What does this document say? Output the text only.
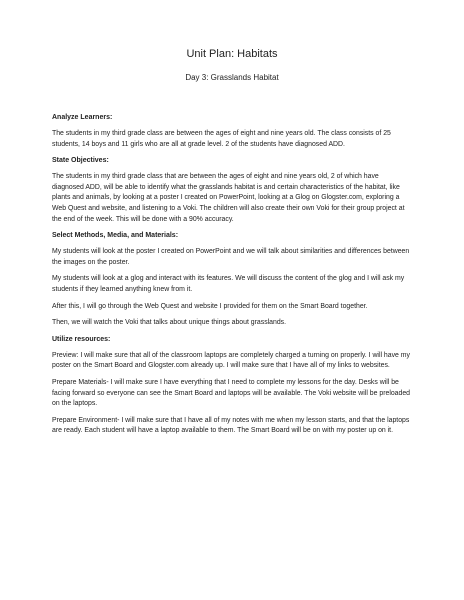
Unit Plan: Habitats
Day 3: Grasslands Habitat
Analyze Learners:

The students in my third grade class are between the ages of eight and nine years old. The class consists of 25 students, 14 boys and 11 girls who are all at grade level. 2 of the students have diagnosed ADD.

State Objectives:

The students in my third grade class that are between the ages of eight and nine years old, 2 of which have diagnosed ADD, will be able to identify what the grasslands habitat is and certain characteristics of the habitat, like plants and animals, by looking at a poster I created on PowerPoint, looking at a Glog on Glogster.com, exploring a Web Quest and website, and listening to a Voki. The children will also create their own Voki for their group project at the end of the week. This will be done with a 90% accuracy.

Select Methods, Media, and Materials:

My students will look at the poster I created on PowerPoint and we will talk about similarities and differences between the images on the poster.

My students will look at a glog and interact with its features. We will discuss the content of the glog and I will ask my students if they learned anything knew from it.

After this, I will go through the Web Quest and website I provided for them on the Smart Board together.

Then, we will watch the Voki that talks about unique things about grasslands.

Utilize resources:

Preview: I will make sure that all of the classroom laptops are completely charged a turning on properly. I will have my poster on the Smart Board and Glogster.com already up. I will make sure that I have all of my links to websites.

Prepare Materials- I will make sure I have everything that I need to complete my lessons for the day. Desks will be facing forward so everyone can see the Smart Board and laptops will be available. The Voki website will be preloaded on the laptops.

Prepare Environment- I will make sure that I have all of my notes with me when my lesson starts, and that the laptops are ready. Each student will have a laptop available to them. The Smart Board will be on with my poster up on it.
